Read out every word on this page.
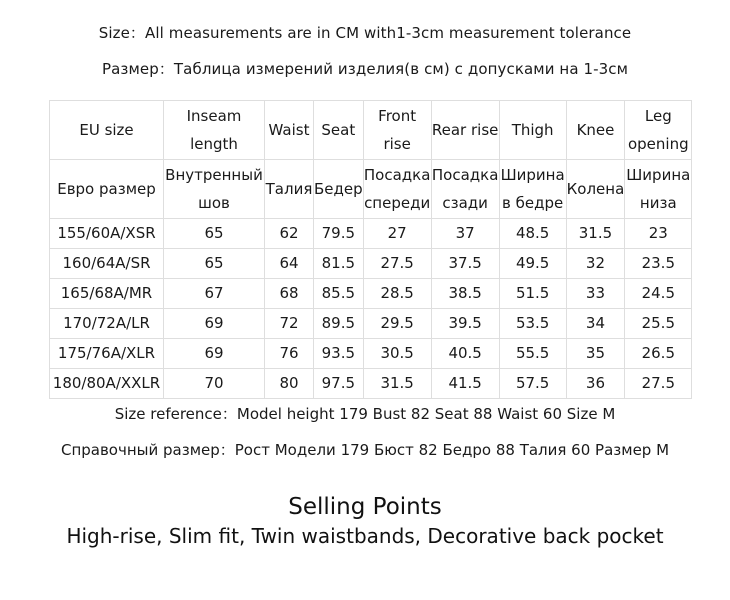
Size：All measurements are in CM with1-3cm measurement tolerance
Размер：Таблица измерений изделия(в см) с допусками на 1-3см
EU size	Inseam length	Waist	Seat	Front rise	Rear rise	Thigh	Knee	Leg opening
Евро размер	Внутренный шов	Талия	Бедер	Посадка спереди	Посадка сзади	Ширина в бедре	Колена	Ширина низа
155/60A/XSR	65	62	79.5	27	37	48.5	31.5	23
160/64A/SR	65	64	81.5	27.5	37.5	49.5	32	23.5
165/68A/MR	67	68	85.5	28.5	38.5	51.5	33	24.5
170/72A/LR	69	72	89.5	29.5	39.5	53.5	34	25.5
175/76A/XLR	69	76	93.5	30.5	40.5	55.5	35	26.5
180/80A/XXLR	70	80	97.5	31.5	41.5	57.5	36	27.5
Size reference：Model height 179 Bust 82 Seat 88 Waist 60 Size M
Справочный размер：Рост Модели 179 Бюст 82 Бедро 88 Талия 60 Размер M
Selling Points
High-rise, Slim fit, Twin waistbands, Decorative back pocket
